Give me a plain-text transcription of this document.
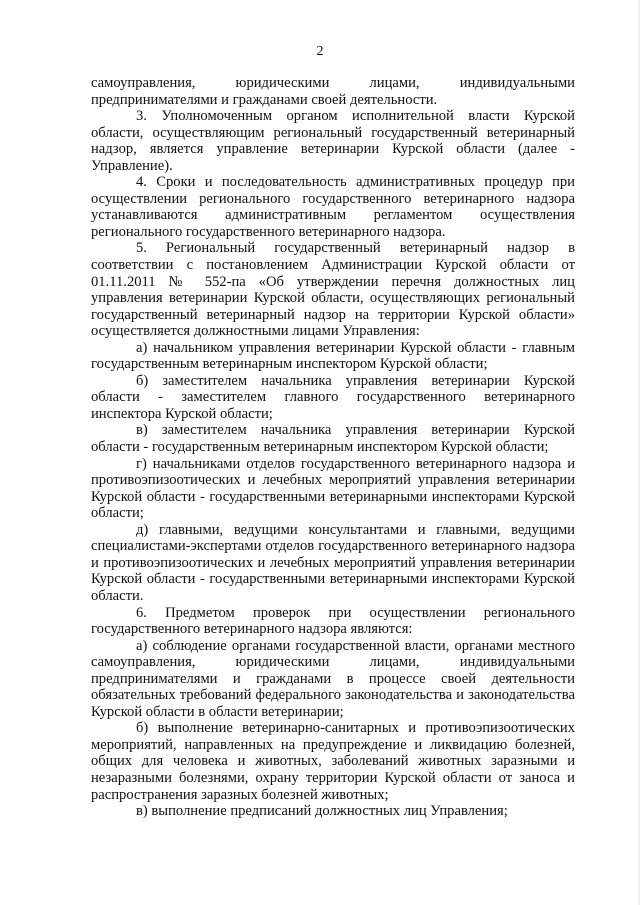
2

самоуправления, юридическими лицами, индивидуальными предпринимателями и гражданами своей деятельности.

3. Уполномоченным органом исполнительной власти Курской области, осуществляющим региональный государственный ветеринарный надзор, является управление ветеринарии Курской области (далее - Управление).

4. Сроки и последовательность административных процедур при осуществлении регионального государственного ветеринарного надзора устанавливаются административным регламентом осуществления регионального государственного ветеринарного надзора.

5. Региональный государственный ветеринарный надзор в соответствии с постановлением Администрации Курской области от 01.11.2011 № 552-па «Об утверждении перечня должностных лиц управления ветеринарии Курской области, осуществляющих региональный государственный ветеринарный надзор на территории Курской области» осуществляется должностными лицами Управления:

а) начальником управления ветеринарии Курской области - главным государственным ветеринарным инспектором Курской области;

б) заместителем начальника управления ветеринарии Курской области - заместителем главного государственного ветеринарного инспектора Курской области;

в) заместителем начальника управления ветеринарии Курской области - государственным ветеринарным инспектором Курской области;

г) начальниками отделов государственного ветеринарного надзора и противоэпизоотических и лечебных мероприятий управления ветеринарии Курской области - государственными ветеринарными инспекторами Курской области;

д) главными, ведущими консультантами и главными, ведущими специалистами-экспертами отделов государственного ветеринарного надзора и противоэпизоотических и лечебных мероприятий управления ветеринарии Курской области - государственными ветеринарными инспекторами Курской области.

6. Предметом проверок при осуществлении регионального государственного ветеринарного надзора являются:

а) соблюдение органами государственной власти, органами местного самоуправления, юридическими лицами, индивидуальными предпринимателями и гражданами в процессе своей деятельности обязательных требований федерального законодательства и законодательства Курской области в области ветеринарии;

б) выполнение ветеринарно-санитарных и противоэпизоотических мероприятий, направленных на предупреждение и ликвидацию болезней, общих для человека и животных, заболеваний животных заразными и незаразными болезнями, охрану территории Курской области от заноса и распространения заразных болезней животных;

в) выполнение предписаний должностных лиц Управления;
